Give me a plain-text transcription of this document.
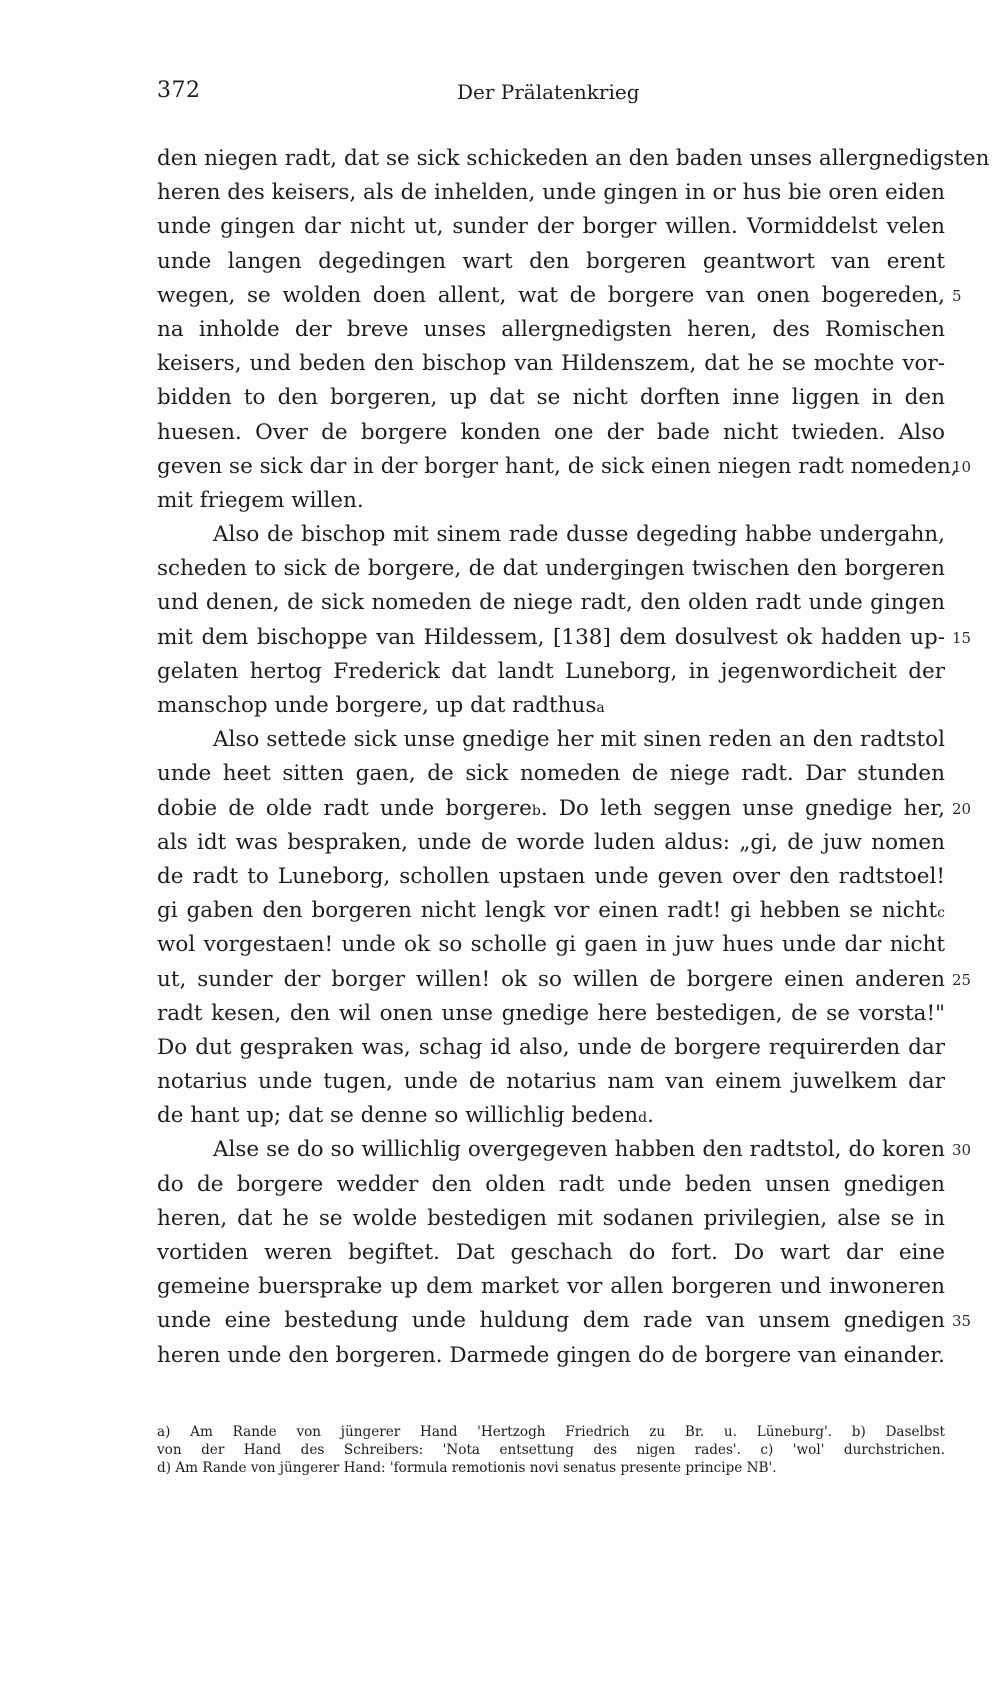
372	Der Prälatenkrieg
den niegen radt, dat se sick schickeden an den baden unses allergnedigsten
heren des keisers, als de inhelden, unde gingen in or hus bie oren eiden
unde gingen dar nicht ut, sunder der borger willen. Vormiddelst velen
unde langen degedingen wart den borgeren geantwort van erent
wegen, se wolden doen allent, wat de borgere van onen bogereden, 5
na inholde der breve unses allergnedigsten heren, des Romischen
keisers, und beden den bischop van Hildenszem, dat he se mochte vor-
bidden to den borgeren, up dat se nicht dorften inne liggen in den
huesen. Over de borgere konden one der bade nicht twieden. Also
geven se sick dar in der borger hant, de sick einen niegen radt nomeden,
10
mit friegem willen.
Also de bischop mit sinem rade dusse degeding habbe undergahn,
scheden to sick de borgere, de dat undergingen twischen den borgeren
und denen, de sick nomeden de niege radt, den olden radt unde gingen
mit dem bischoppe van Hildessem, [138] dem dosulvest ok hadden up- 15
gelaten hertog Frederick dat landt Luneborg, in jegenwordicheit der
manschop unde borgere, up dat radthusa
Also settede sick unse gnedige her mit sinen reden an den radtstol
unde heet sitten gaen, de sick nomeden de niege radt. Dar stunden
dobie de olde radt unde borgereb. Do leth seggen unse gnedige her, 20
als idt was bespraken, unde de worde luden aldus: „gi, de juw nomen
de radt to Luneborg, schollen upstaen unde geven over den radtstoel!
gi gaben den borgeren nicht lengk vor einen radt! gi hebben se nichtc
wol vorgestaen! unde ok so scholle gi gaen in juw hues unde dar nicht
ut, sunder der borger willen! ok so willen de borgere einen anderen 25
radt kesen, den wil onen unse gnedige here bestedigen, de se vorsta!"
Do dut gespraken was, schag id also, unde de borgere requirerden dar
notarius unde tugen, unde de notarius nam van einem juwelkem dar
de hant up; dat se denne so willichlig bedend.
Alse se do so willichlig overgegeven habben den radtstol, do koren 30
do de borgere wedder den olden radt unde beden unsen gnedigen
heren, dat he se wolde bestedigen mit sodanen privilegien, alse se in
vortiden weren begiftet. Dat geschach do fort. Do wart dar eine
gemeine buersprake up dem market vor allen borgeren und inwoneren
unde eine bestedung unde huldung dem rade van unsem gnedigen 35
heren unde den borgeren. Darmede gingen do de borgere van einander.
a) Am Rande von jüngerer Hand 'Hertzogh Friedrich zu Br. u. Lüneburg'. b) Daselbst
von der Hand des Schreibers: 'Nota entsettung des nigen rades'. c) 'wol' durchstrichen.
d) Am Rande von jüngerer Hand: 'formula remotionis novi senatus presente principe NB'.
